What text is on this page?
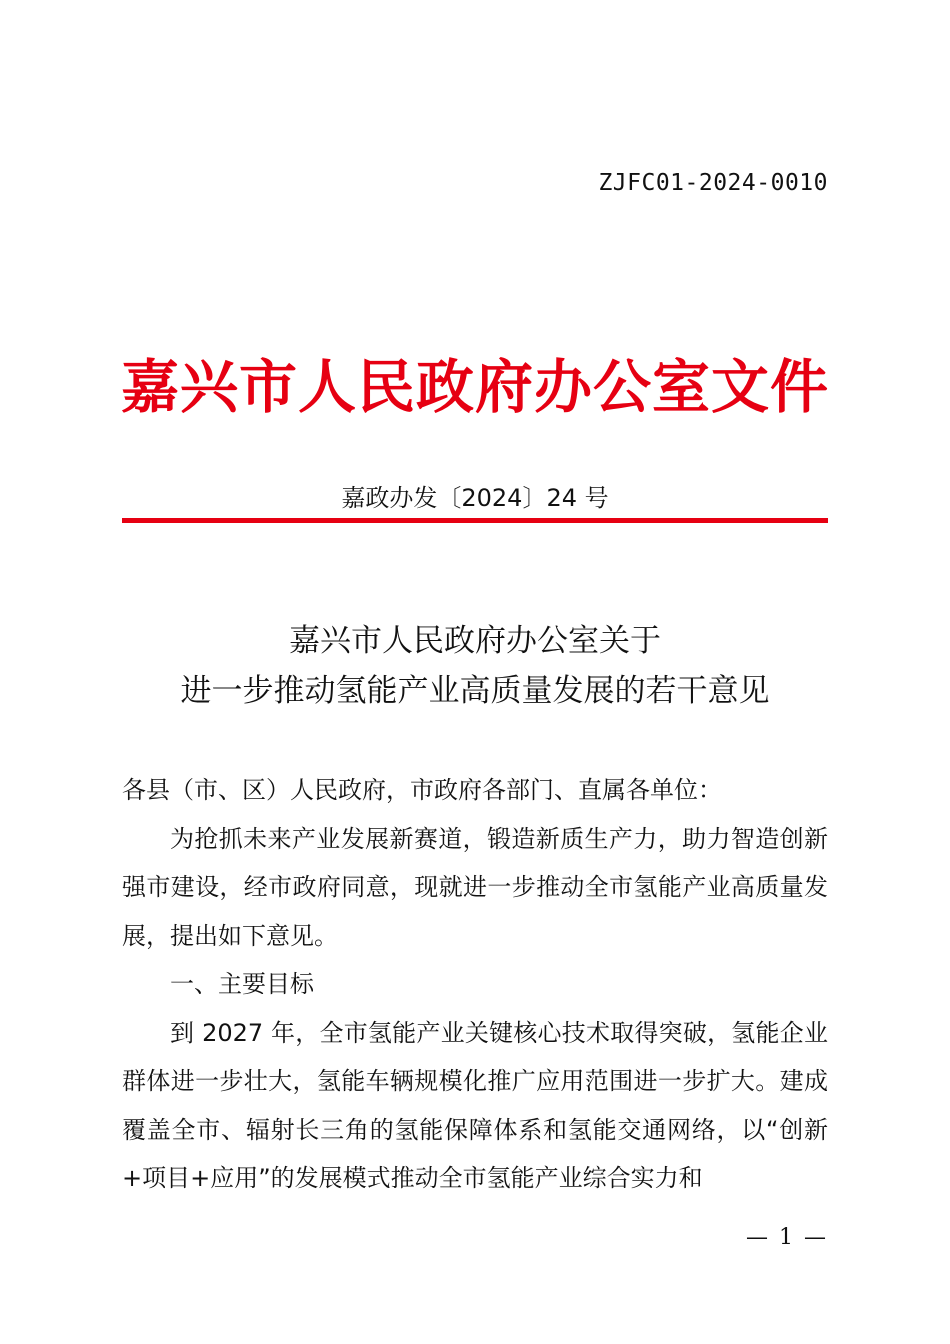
ZJFC01-2024-0010
嘉兴市人民政府办公室文件
嘉政办发〔2024〕24 号
嘉兴市人民政府办公室关于
进一步推动氢能产业高质量发展的若干意见

各县（市、区）人民政府，市政府各部门、直属各单位：

为抢抓未来产业发展新赛道，锻造新质生产力，助力智造创新强市建设，经市政府同意，现就进一步推动全市氢能产业高质量发展，提出如下意见。

一、主要目标

到 2027 年，全市氢能产业关键核心技术取得突破，氢能企业群体进一步壮大，氢能车辆规模化推广应用范围进一步扩大。建成覆盖全市、辐射长三角的氢能保障体系和氢能交通网络，以“创新+项目+应用”的发展模式推动全市氢能产业综合实力和

— 1 —
